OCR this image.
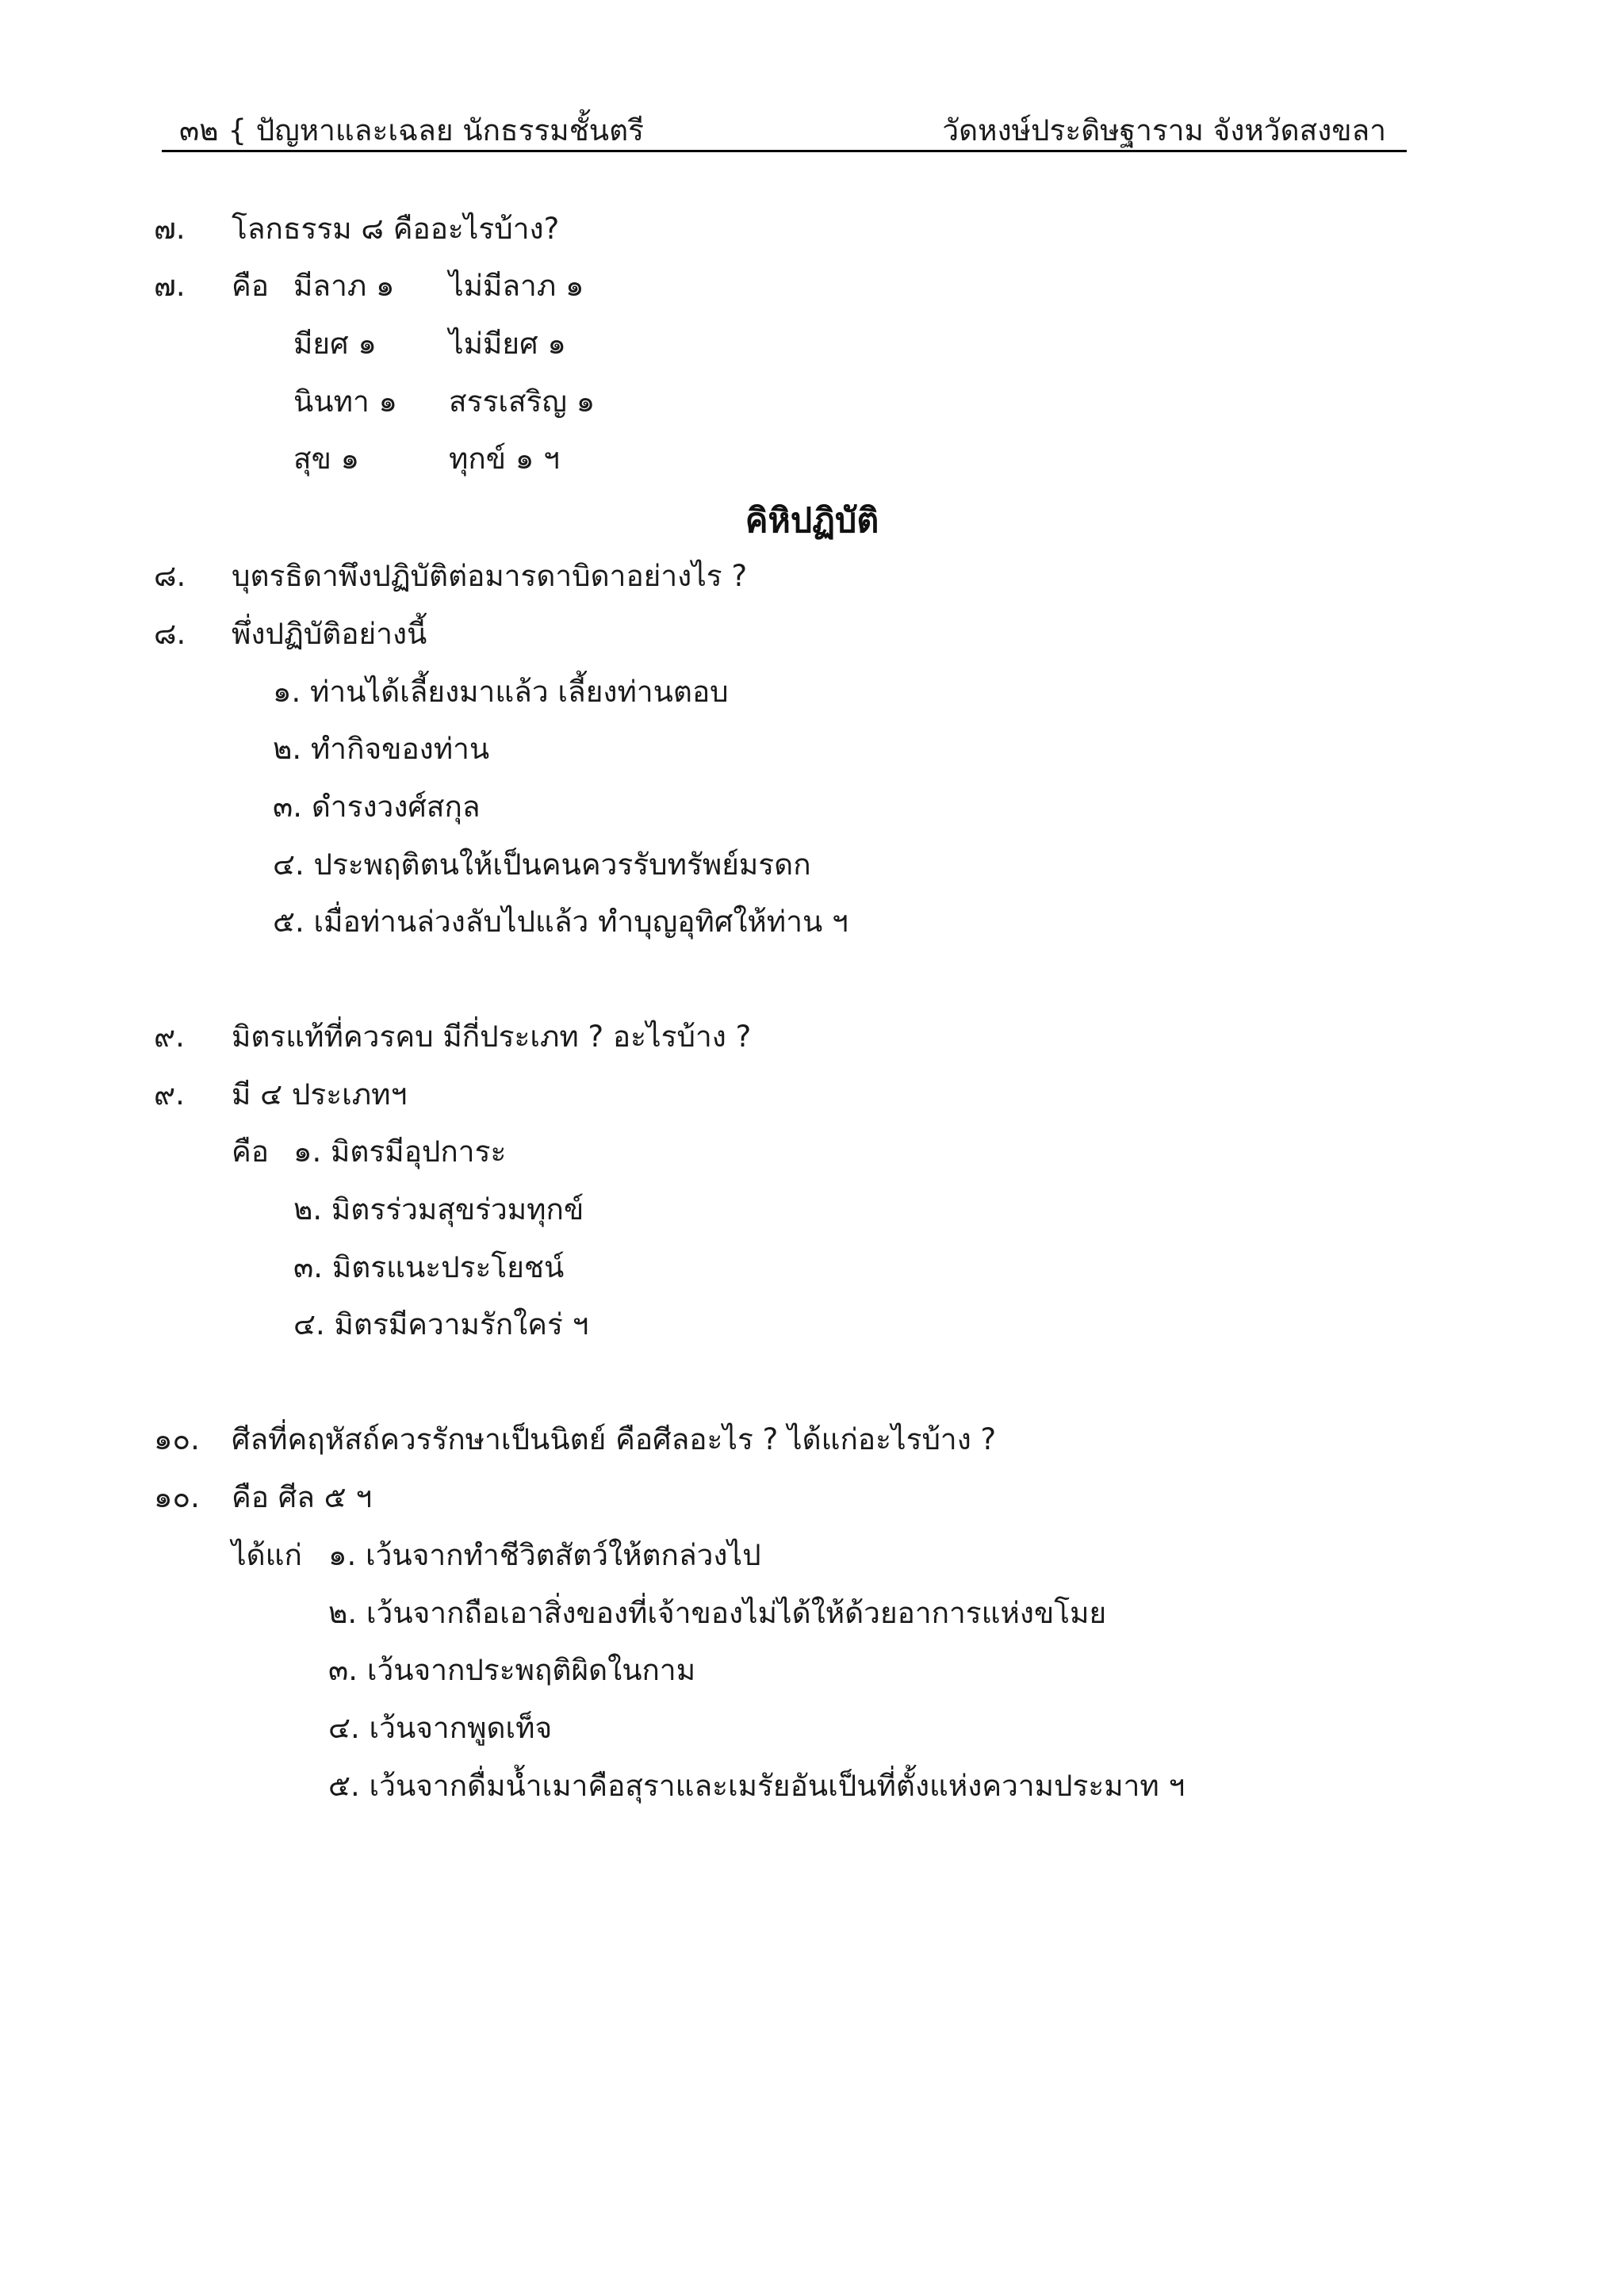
๓๒ { ปัญหาและเฉลย นักธรรมชั้นตรี	วัดหงษ์ประดิษฐาราม จังหวัดสงขลา
๗. โลกธรรม ๘ คืออะไรบ้าง?
๗. คือ มีลาภ ๑ ไม่มีลาภ ๑
มียศ ๑ ไม่มียศ ๑
นินทา ๑ สรรเสริญ ๑
สุข ๑	ทุกข์ ๑ ฯ
คิหิปฏิบัติ
๘. บุตรธิดาพึงปฏิบัติต่อมารดาบิดาอย่างไร ?
๘. พึ่งปฏิบัติอย่างนี้
๑. ท่านได้เลี้ยงมาแล้ว เลี้ยงท่านตอบ
๒. ทำกิจของท่าน
๓. ดำรงวงศ์สกุล
๔. ประพฤติตนให้เป็นคนควรรับทรัพย์มรดก
๕. เมื่อท่านล่วงลับไปแล้ว ทำบุญอุทิศให้ท่าน ฯ
๙. มิตรแท้ที่ควรคบ มีกี่ประเภท ? อะไรบ้าง ?
๙. มี ๔ ประเภทฯ
คือ ๑. มิตรมีอุปการะ
๒. มิตรร่วมสุขร่วมทุกข์
๓. มิตรแนะประโยชน์
๔. มิตรมีความรักใคร่ ฯ
๑๐. ศีลที่คฤหัสถ์ควรรักษาเป็นนิตย์ คือศีลอะไร ? ได้แก่อะไรบ้าง ?
๑๐. คือ ศีล ๕ ฯ
ได้แก่ ๑. เว้นจากทำชีวิตสัตว์ให้ตกล่วงไป
๒. เว้นจากถือเอาสิ่งของที่เจ้าของไม่ได้ให้ด้วยอาการแห่งขโมย
๓. เว้นจากประพฤติผิดในกาม
๔. เว้นจากพูดเท็จ
๕. เว้นจากดื่มน้ำเมาคือสุราและเมรัยอันเป็นที่ตั้งแห่งความประมาท ฯ
